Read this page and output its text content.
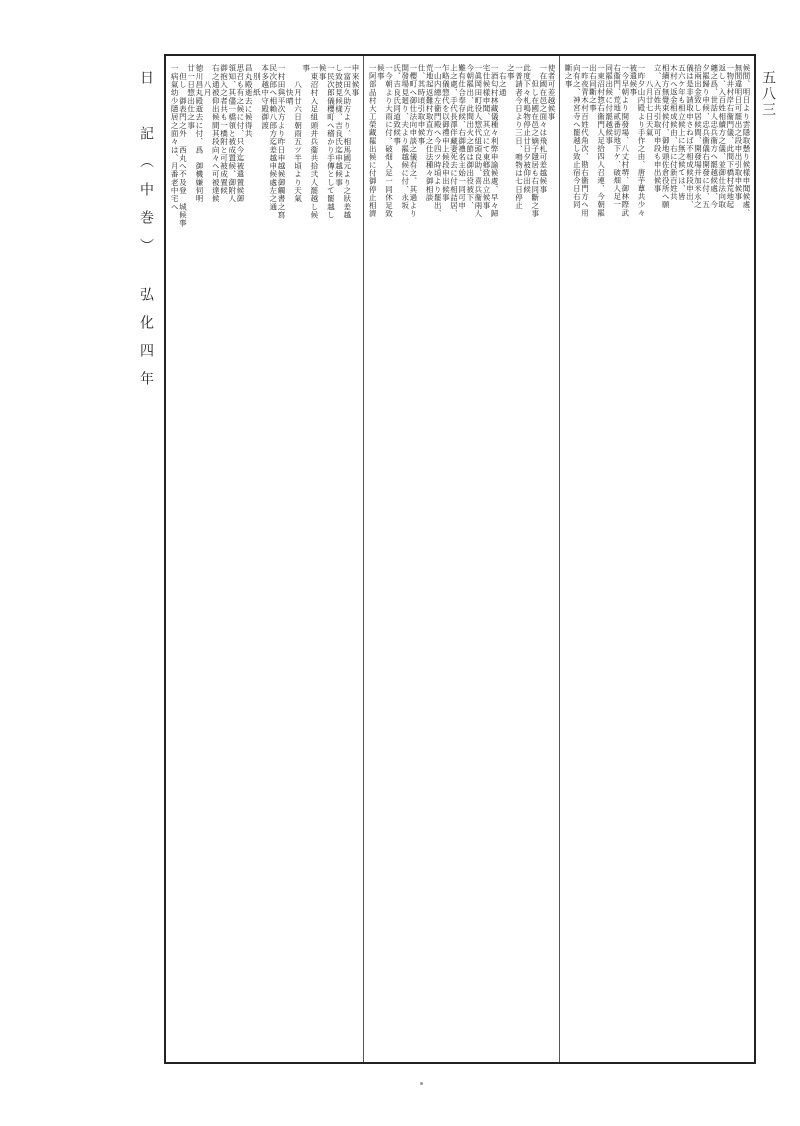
日　記（中巻）　弘化四年	五八三

申來候事

一富田久助方より、相馬國元より之狀差越

し致披見候樣、吉良氏迄申越候事

一民次郎儀櫻町へ稽かり手傳として罷越し

候事

一東沼村入足組頭并兵衞共拾弐人罷越し候

事

　　八月廿六日朝雨五ツ半頃より天氣

　　　快晴

一村田與平次方より昨日申越候御觸書之寫

民次郎へ相賴八郎方迄差越申候處左之通

本多越中守殿御渡

　別　紙

昌丸殿逝去に候得共

思召も有之候に付、只今迄被遣置候御

領知、其儘一橋領と被成置候、御附人

御抱入之者共も一橋附と可被成置候

右之通被仰出候間其段向々へ可被達候

　　八月

徳川昌丸殿逝去に付、爲　御機嫌伺明

廿一日惣出仕之事

　但し　御表門之外　西丸へ不及登　城候事

一病氣幼少隱居之面々は、月番老中宅へ	使者可差越候事

一在國在邑之面々は飛札可差越候事

　　但し在國在邑之嫡子隱居も右同斷之事

此度下々札鳴物停止廿日夕被仰出候

一普請者今日より三日、鳴物は七日停止

之事

　右之通

一酒匂村林藏儀種々利弊申諭候處、早々歸

宅仕候樣申聞、其立にて東郷致出立候事

一眞岡田町役人惣代組頭良助、喜兵衞兩人

今朝罷出、此間出火之節は御出役被下、

難有仕合奉存候、右御禮名主始一同可申

上之處、手代長澤伴藏妻死去に付相詰居、

乍略儀惣代を以御禮申上候段申出候事

一山内總左衞門殿へ今四ツ時頃より罷出、

荒地起返難村取直方之仕法種々御相談

仕、其時頃引取申候事

一櫻町へ御仕法向申談之儀有之、其過より

開發場見廻り、夫より罷越候に付、永坂

氏、吉良氏同道致候事

一今朝より大雨に付、破畑人足一同休足致

候事

一阿部品村大工榮藏罷出候に付御停止相濟	候間、明日より雲隱取懸り候樣申聞候處、

無間違明日可罷出之段申出引取申候事

一物井村岸右衞門儀、此間下橋村荒地起

返し、入百姓相續方之儀、並御仕法向取

纏之爲、世話人忠兵衞方へ罷越候處、今

夕罷歸り申候、忠兵衞儀右開發に付、五

拾兩出金致し居候間、開發場并加米永之

儀は是非請取申さねば不相成候段申出、

五六ケ年も相立候上に無之候ては、皆

木村へ返金相成候由、右に付新百姓共

相續方無覺束候付、御地頭佐倉役所へ願

立、入百姓共引取可申段も申出候事

　　八月廿七日天氣

一昨夕山内殿より手作之由、唐芋蕈共少々

被遣候事

一今早朝より開發場、八丈村堺、御林際武

右衞門、荒地貳番切地下ケ、破畑人足一

同罷出候に付罷越候事

一東沼村惣右衞門人足拾四人召連、今朝罷

出右同斷之事

一昨夜青木村百姓代角次、勘右衞門方へ用

向有之、神宮寺へ罷越し致止宿今日右同

斷之事
